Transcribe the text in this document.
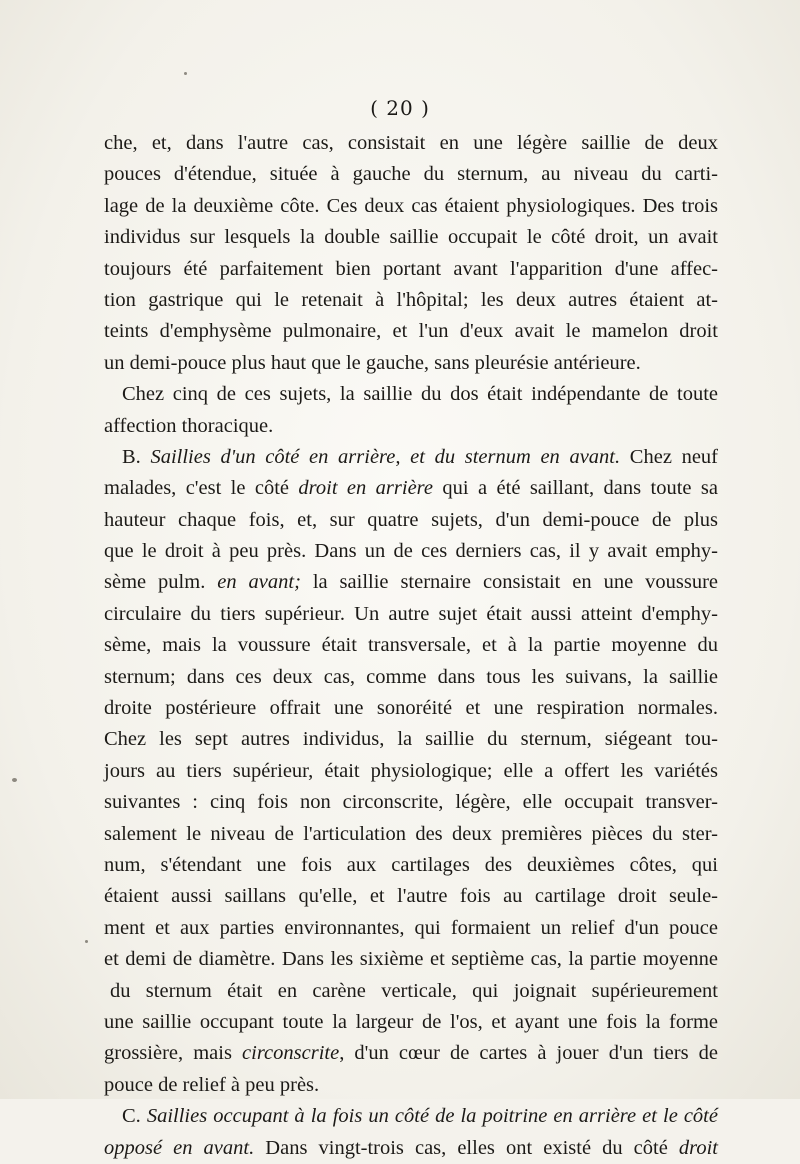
( 20 )
che, et, dans l'autre cas, consistait en une légère saillie de deux
pouces d'étendue, située à gauche du sternum, au niveau du carti-
lage de la deuxième côte. Ces deux cas étaient physiologiques. Des trois
individus sur lesquels la double saillie occupait le côté droit, un avait
toujours été parfaitement bien portant avant l'apparition d'une affec-
tion gastrique qui le retenait à l'hôpital; les deux autres étaient at-
teints d'emphysème pulmonaire, et l'un d'eux avait le mamelon droit
un demi-pouce plus haut que le gauche, sans pleurésie antérieure.
Chez cinq de ces sujets, la saillie du dos était indépendante de toute
affection thoracique.
B. Saillies d'un côté en arrière, et du sternum en avant. Chez neuf
malades, c'est le côté droit en arrière qui a été saillant, dans toute sa
hauteur chaque fois, et, sur quatre sujets, d'un demi-pouce de plus
que le droit à peu près. Dans un de ces derniers cas, il y avait emphy-
sème pulm. en avant; la saillie sternaire consistait en une voussure
circulaire du tiers supérieur. Un autre sujet était aussi atteint d'emphy-
sème, mais la voussure était transversale, et à la partie moyenne du
sternum; dans ces deux cas, comme dans tous les suivans, la saillie
droite postérieure offrait une sonoréité et une respiration normales.
Chez les sept autres individus, la saillie du sternum, siégeant tou-
jours au tiers supérieur, était physiologique; elle a offert les variétés
suivantes : cinq fois non circonscrite, légère, elle occupait transver-
salement le niveau de l'articulation des deux premières pièces du ster-
num, s'étendant une fois aux cartilages des deuxièmes côtes, qui
étaient aussi saillans qu'elle, et l'autre fois au cartilage droit seule-
ment et aux parties environnantes, qui formaient un relief d'un pouce
et demi de diamètre. Dans les sixième et septième cas, la partie moyenne
du sternum était en carène verticale, qui joignait supérieurement
une saillie occupant toute la largeur de l'os, et ayant une fois la forme
grossière, mais circonscrite, d'un cœur de cartes à jouer d'un tiers de
pouce de relief à peu près.
C. Saillies occupant à la fois un côté de la poitrine en arrière et le côté
opposé en avant. Dans vingt-trois cas, elles ont existé du côté droit
